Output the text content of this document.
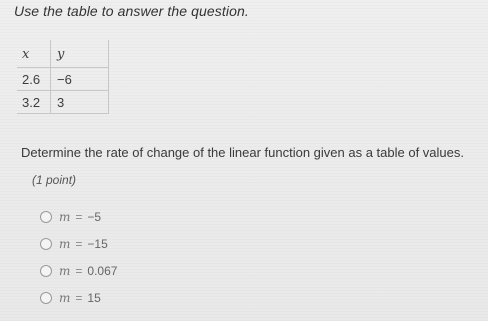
Use the table to answer the question.
x	y
2.6	−6
3.2	3
Determine the rate of change of the linear function given as a table of values.
(1 point)
m = −5
m = −15
m = 0.067
m = 15
